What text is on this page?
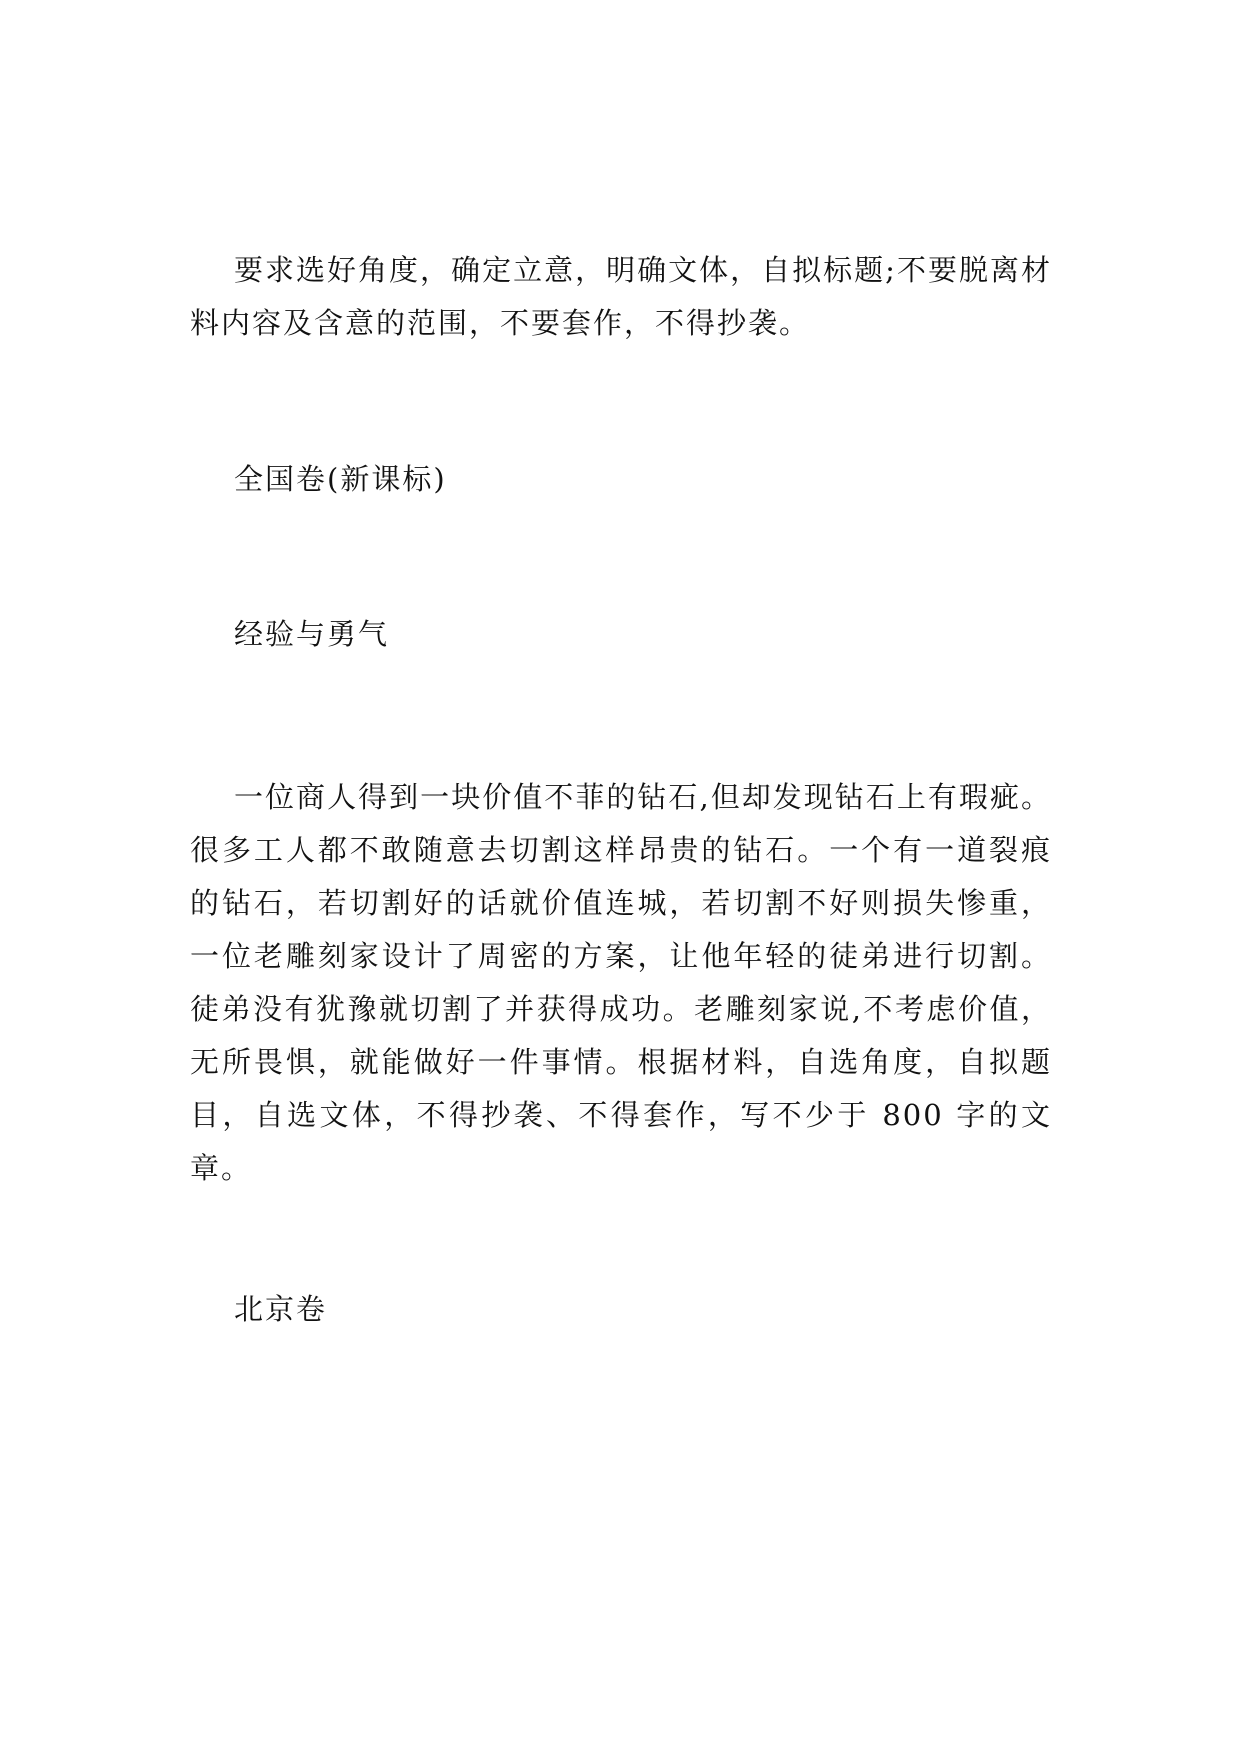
要求选好角度，确定立意，明确文体，自拟标题;不要脱离材料内容及含意的范围，不要套作，不得抄袭。

全国卷(新课标)

经验与勇气

一位商人得到一块价值不菲的钻石,但却发现钻石上有瑕疵。很多工人都不敢随意去切割这样昂贵的钻石。一个有一道裂痕的钻石，若切割好的话就价值连城，若切割不好则损失惨重，一位老雕刻家设计了周密的方案，让他年轻的徒弟进行切割。徒弟没有犹豫就切割了并获得成功。老雕刻家说,不考虑价值，无所畏惧，就能做好一件事情。根据材料，自选角度，自拟题目，自选文体，不得抄袭、不得套作，写不少于 800 字的文章。

北京卷
